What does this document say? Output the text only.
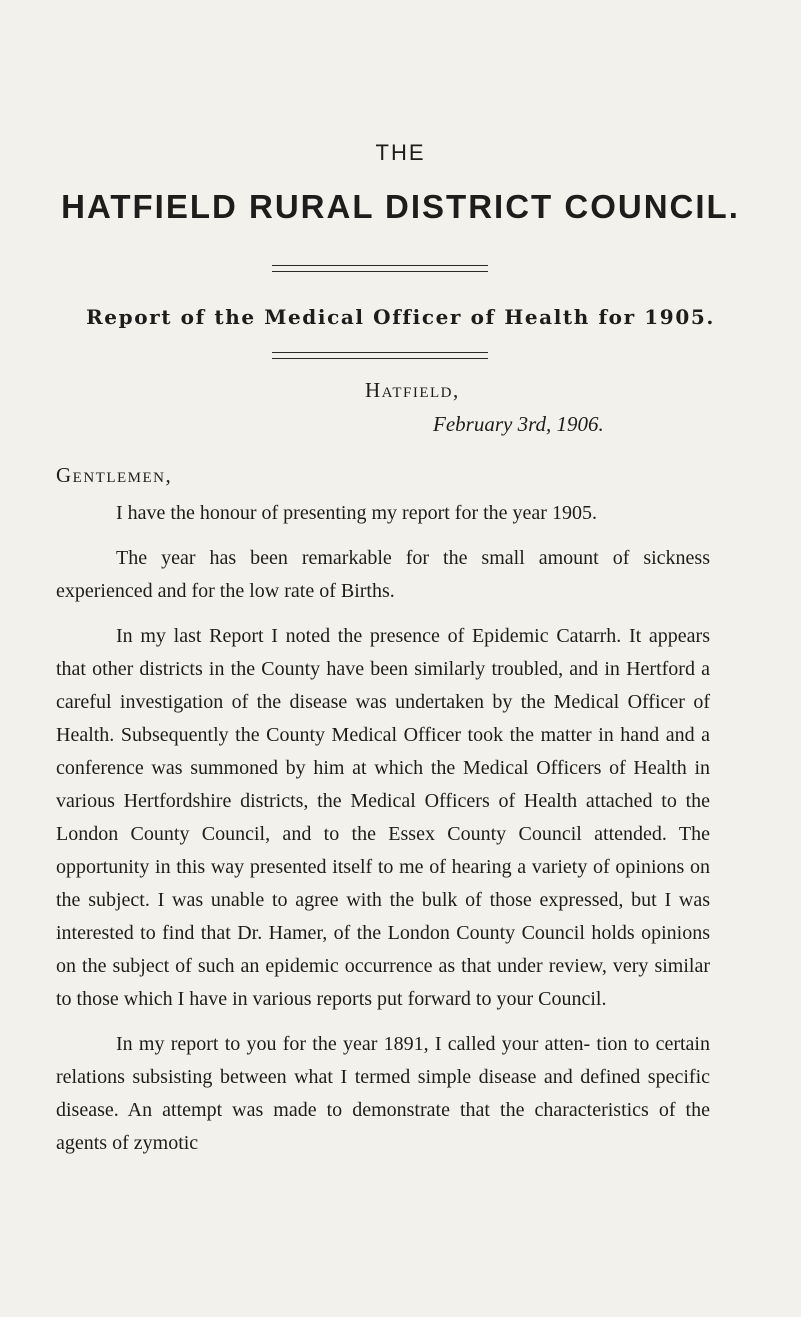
THE
HATFIELD RURAL DISTRICT COUNCIL.
Report of the Medical Officer of Health for 1905.
Hatfield,
February 3rd, 1906.
Gentlemen,

I have the honour of presenting my report for the year 1905.

The year has been remarkable for the small amount of sickness experienced and for the low rate of Births.

In my last Report I noted the presence of Epidemic Catarrh. It appears that other districts in the County have been similarly troubled, and in Hertford a careful investigation of the disease was undertaken by the Medical Officer of Health. Subsequently the County Medical Officer took the matter in hand and a conference was summoned by him at which the Medical Officers of Health in various Hertfordshire districts, the Medical Officers of Health attached to the London County Council, and to the Essex County Council attended. The opportunity in this way presented itself to me of hearing a variety of opinions on the subject. I was unable to agree with the bulk of those expressed, but I was interested to find that Dr. Hamer, of the London County Council holds opinions on the subject of such an epidemic occurrence as that under review, very similar to those which I have in various reports put forward to your Council.

In my report to you for the year 1891, I called your atten- tion to certain relations subsisting between what I termed simple disease and defined specific disease. An attempt was made to demonstrate that the characteristics of the agents of zymotic
